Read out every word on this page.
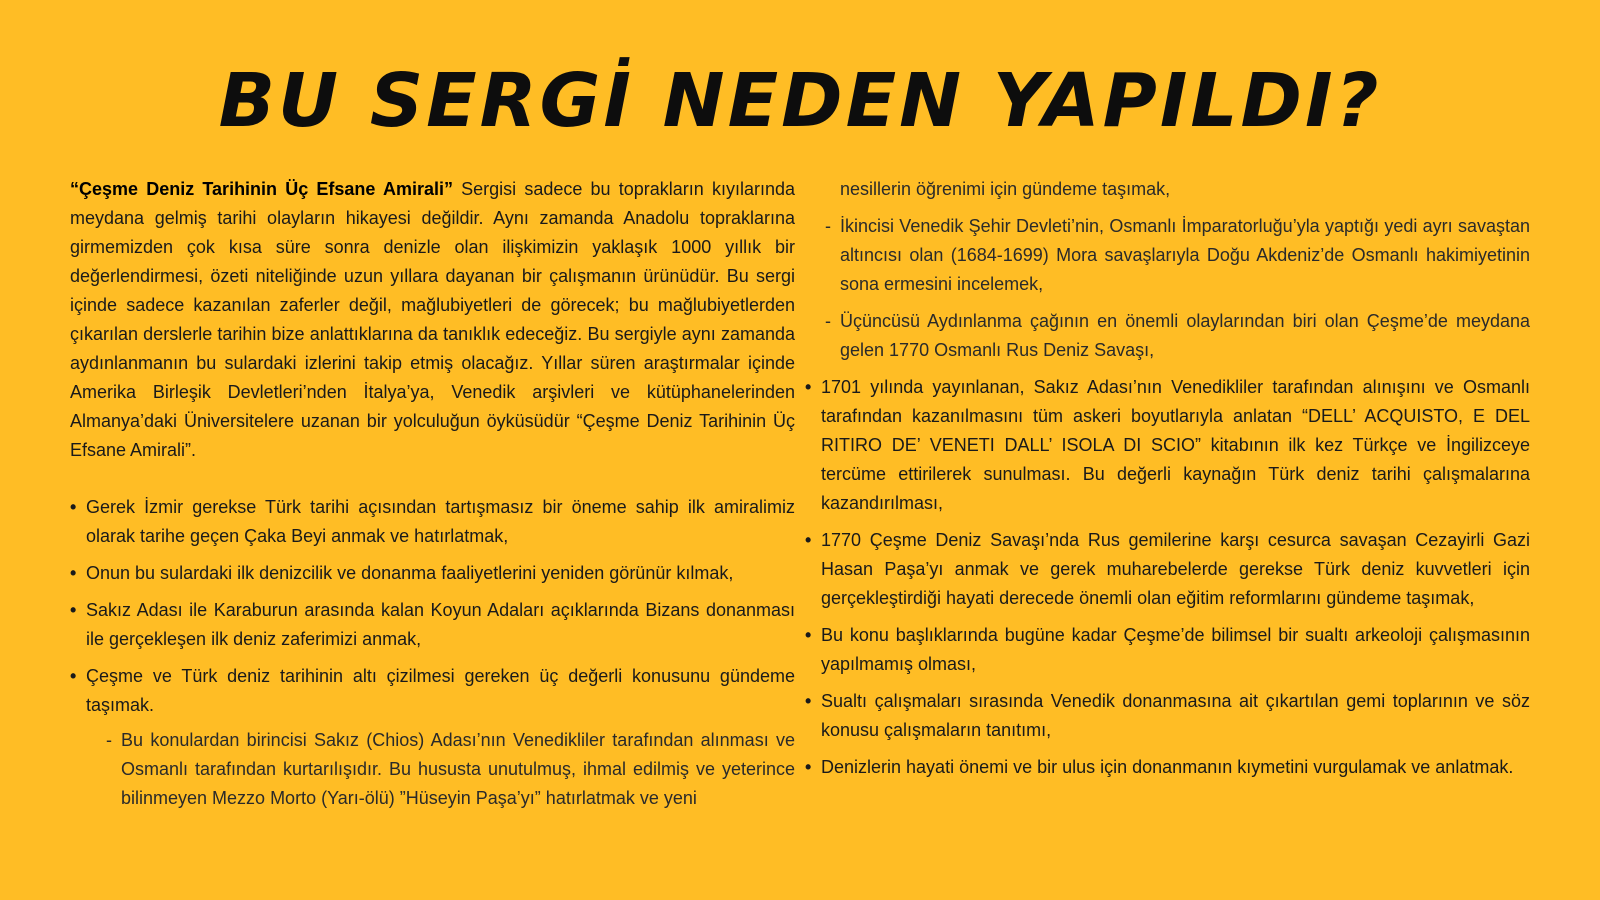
BU SERGİ NEDEN YAPILDI?

“Çeşme Deniz Tarihinin Üç Efsane Amirali” Sergisi sadece bu toprakların kıyılarında meydana gelmiş tarihi olayların hikayesi değildir. Aynı zamanda Anadolu topraklarına girmemizden çok kısa süre sonra denizle olan ilişkimizin yaklaşık 1000 yıllık bir değerlendirmesi, özeti niteliğinde uzun yıllara dayanan bir çalışmanın ürünüdür. Bu sergi içinde sadece kazanılan zaferler değil, mağlubiyetleri de görecek; bu mağlubiyetlerden çıkarılan derslerle tarihin bize anlattıklarına da tanıklık edeceğiz. Bu sergiyle aynı zamanda aydınlanmanın bu sulardaki izlerini takip etmiş olacağız. Yıllar süren araştırmalar içinde Amerika Birleşik Devletleri’nden İtalya’ya, Venedik arşivleri ve kütüphanelerinden Almanya’daki Üniversitelere uzanan bir yolculuğun öyküsüdür “Çeşme Deniz Tarihinin Üç Efsane Amirali”.

• Gerek İzmir gerekse Türk tarihi açısından tartışmasız bir öneme sahip ilk amiralimiz olarak tarihe geçen Çaka Beyi anmak ve hatırlatmak,
• Onun bu sulardaki ilk denizcilik ve donanma faaliyetlerini yeniden görünür kılmak,
• Sakız Adası ile Karaburun arasında kalan Koyun Adaları açıklarında Bizans donanması ile gerçekleşen ilk deniz zaferimizi anmak,
• Çeşme ve Türk deniz tarihinin altı çizilmesi gereken üç değerli konusunu gündeme taşımak.
- Bu konulardan birincisi Sakız (Chios) Adası’nın Venedikliler tarafından alınması ve Osmanlı tarafından kurtarılışıdır. Bu hususta unutulmuş, ihmal edilmiş ve yeterince bilinmeyen Mezzo Morto (Yarı-ölü) ”Hüseyin Paşa’yı” hatırlatmak ve yeni

nesillerin öğrenimi için gündeme taşımak,

- İkincisi Venedik Şehir Devleti’nin, Osmanlı İmparatorluğu’yla yaptığı yedi ayrı savaştan altıncısı olan (1684-1699) Mora savaşlarıyla Doğu Akdeniz’de Osmanlı hakimiyetinin sona ermesini incelemek,
- Üçüncüsü Aydınlanma çağının en önemli olaylarından biri olan Çeşme’de meydana gelen 1770 Osmanlı Rus Deniz Savaşı,
• 1701 yılında yayınlanan, Sakız Adası’nın Venedikliler tarafından alınışını ve Osmanlı tarafından kazanılmasını tüm askeri boyutlarıyla anlatan “DELL’ ACQUISTO, E DEL RITIRO DE’ VENETI DALL’ ISOLA DI SCIO” kitabının ilk kez Türkçe ve İngilizceye tercüme ettirilerek sunulması. Bu değerli kaynağın Türk deniz tarihi çalışmalarına kazandırılması,
• 1770 Çeşme Deniz Savaşı’nda Rus gemilerine karşı cesurca savaşan Cezayirli Gazi Hasan Paşa’yı anmak ve gerek muharebelerde gerekse Türk deniz kuvvetleri için gerçekleştirdiği hayati derecede önemli olan eğitim reformlarını gündeme taşımak,
• Bu konu başlıklarında bugüne kadar Çeşme’de bilimsel bir sualtı arkeoloji çalışmasının yapılmamış olması,
• Sualtı çalışmaları sırasında Venedik donanmasına ait çıkartılan gemi toplarının ve söz konusu çalışmaların tanıtımı,
• Denizlerin hayati önemi ve bir ulus için donanmanın kıymetini vurgulamak ve anlatmak.
